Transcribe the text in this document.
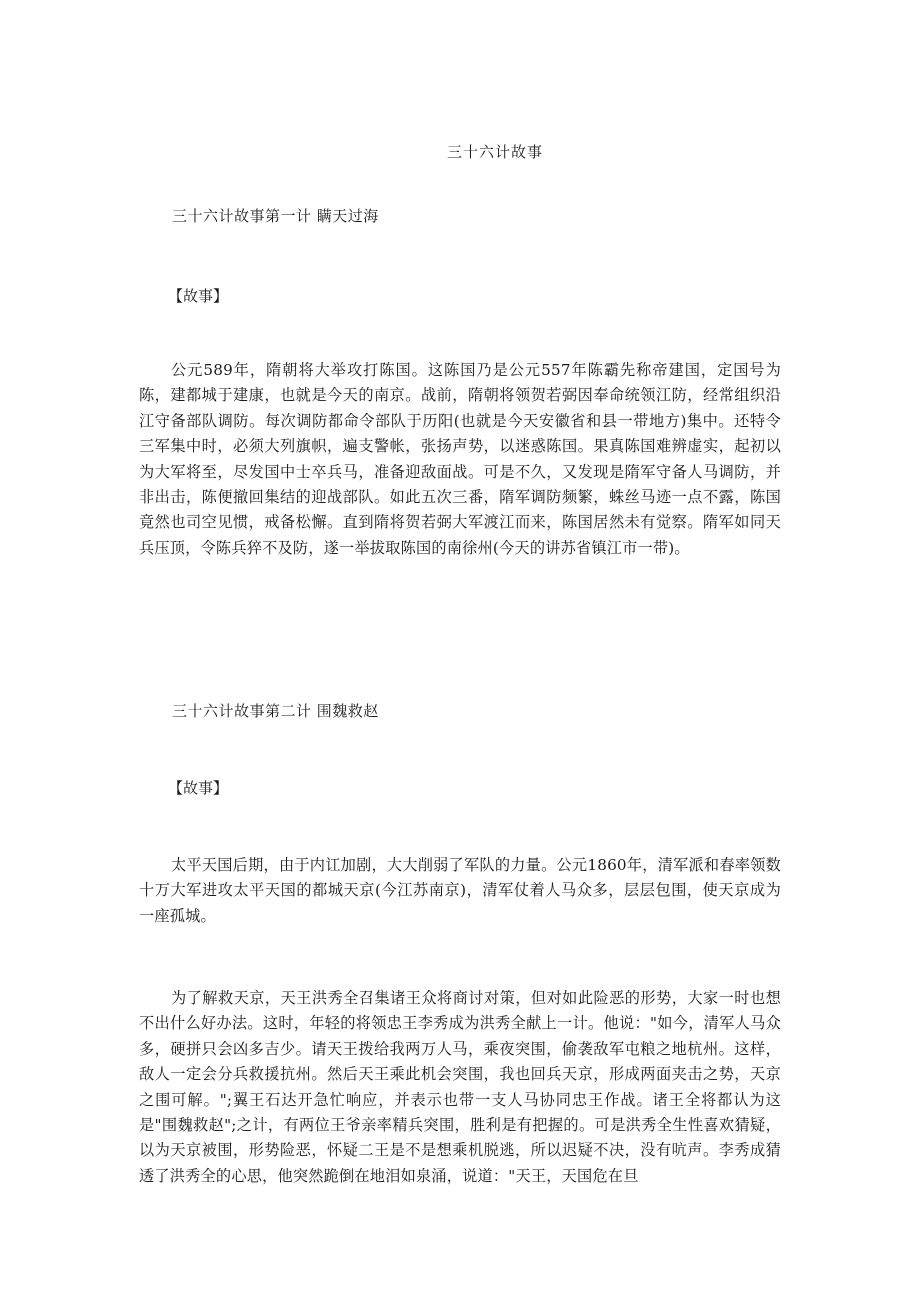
三十六计故事
三十六计故事第一计 瞒天过海
【故事】
公元589年，隋朝将大举攻打陈国。这陈国乃是公元557年陈霸先称帝建国，定国号为陈，建都城于建康，也就是今天的南京。战前，隋朝将领贺若弼因奉命统领江防，经常组织沿江守备部队调防。每次调防都命令部队于历阳(也就是今天安徽省和县一带地方)集中。还特令三军集中时，必须大列旗帜，遍支警帐，张扬声势，以迷惑陈国。果真陈国难辨虚实，起初以为大军将至，尽发国中士卒兵马，准备迎敌面战。可是不久，又发现是隋军守备人马调防，并非出击，陈便撤回集结的迎战部队。如此五次三番，隋军调防频繁，蛛丝马迹一点不露，陈国竟然也司空见惯，戒备松懈。直到隋将贺若弼大军渡江而来，陈国居然未有觉察。隋军如同天兵压顶，令陈兵猝不及防，遂一举拔取陈国的南徐州(今天的讲苏省镇江市一带)。
三十六计故事第二计 围魏救赵
【故事】
太平天国后期，由于内讧加剧，大大削弱了军队的力量。公元1860年，清军派和春率领数十万大军进攻太平天国的都城天京(今江苏南京)，清军仗着人马众多，层层包围，使天京成为一座孤城。
为了解救天京，天王洪秀全召集诸王众将商讨对策，但对如此险恶的形势，大家一时也想不出什么好办法。这时，年轻的将领忠王李秀成为洪秀全献上一计。他说："如今，清军人马众多，硬拼只会凶多吉少。请天王拨给我两万人马，乘夜突围，偷袭敌军屯粮之地杭州。这样，敌人一定会分兵救援抗州。然后天王乘此机会突围，我也回兵天京，形成两面夹击之势，天京之围可解。";翼王石达开急忙响应，并表示也带一支人马协同忠王作战。诸王全将都认为这是"围魏救赵";之计，有两位王爷亲率精兵突围，胜利是有把握的。可是洪秀全生性喜欢猜疑，以为天京被围，形势险恶，怀疑二王是不是想乘机脱逃，所以迟疑不决，没有吭声。李秀成猜透了洪秀全的心思，他突然跪倒在地泪如泉涌，说道："天王，天国危在旦
